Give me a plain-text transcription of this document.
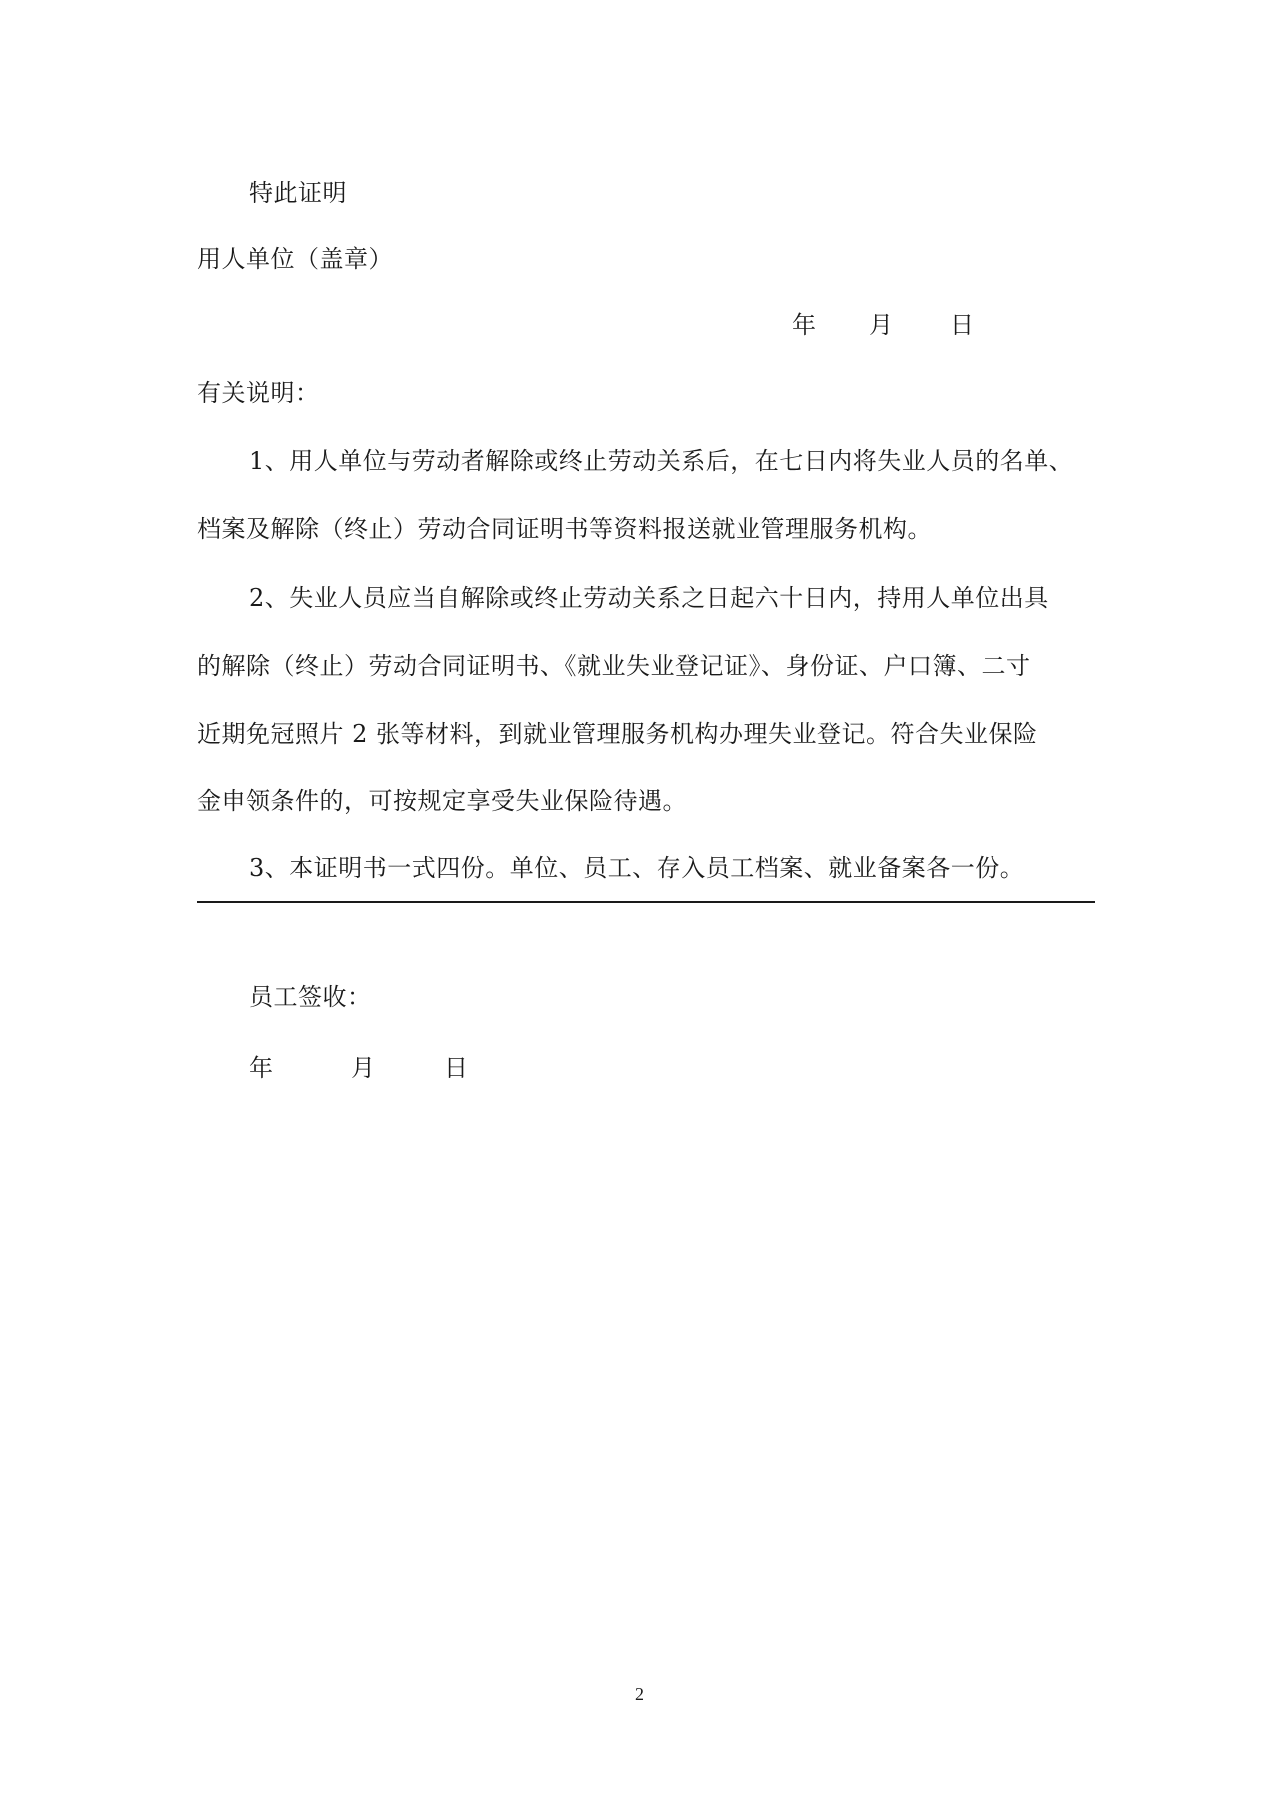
特此证明
用人单位（盖章）
年 月 日
有关说明：
1、用人单位与劳动者解除或终止劳动关系后，在七日内将失业人员的名单、
档案及解除（终止）劳动合同证明书等资料报送就业管理服务机构。
2、失业人员应当自解除或终止劳动关系之日起六十日内，持用人单位出具
的解除（终止）劳动合同证明书、《就业失业登记证》、身份证、户口簿、二寸
近期免冠照片 2 张等材料，到就业管理服务机构办理失业登记。符合失业保险
金申领条件的，可按规定享受失业保险待遇。
3、本证明书一式四份。单位、员工、存入员工档案、就业备案各一份。
员工签收：
年	月	日
2
